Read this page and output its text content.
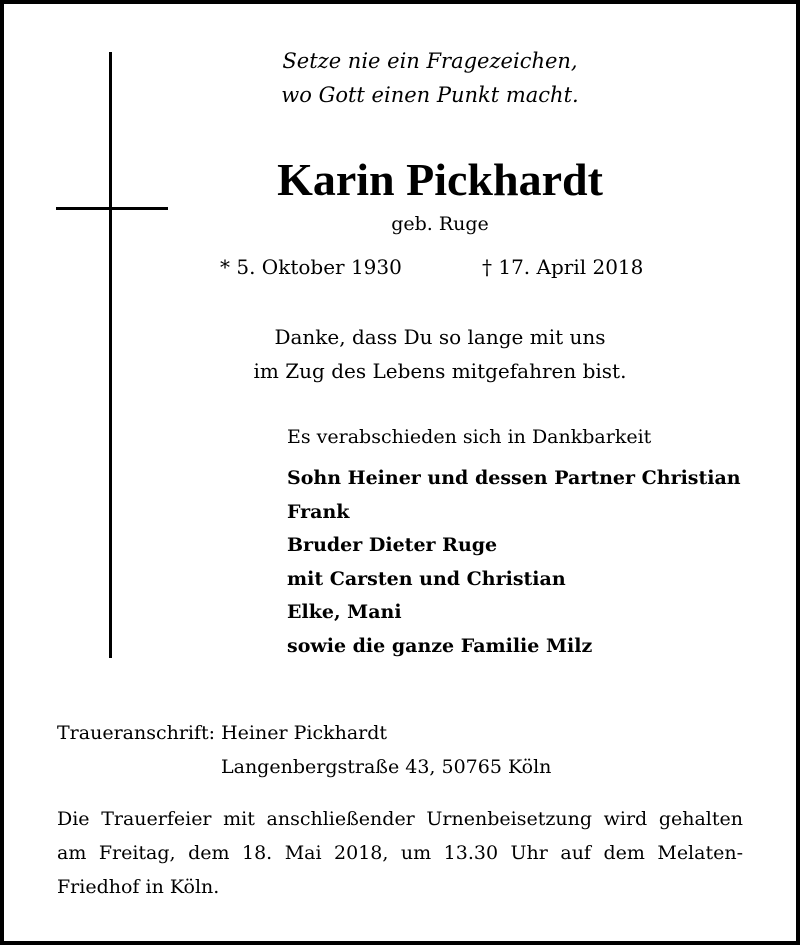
Setze nie ein Fragezeichen,
wo Gott einen Punkt macht.
Karin Pickhardt
geb. Ruge
* 5. Oktober 1930	† 17. April 2018
Danke, dass Du so lange mit uns
im Zug des Lebens mitgefahren bist.
Es verabschieden sich in Dankbarkeit
Sohn Heiner und dessen Partner Christian
Frank
Bruder Dieter Ruge
mit Carsten und Christian
Elke, Mani
sowie die ganze Familie Milz
Traueranschrift: Heiner Pickhardt
Langenbergstraße 43, 50765 Köln
Die Trauerfeier mit anschließender Urnenbeisetzung wird gehalten
am Freitag, dem 18. Mai 2018, um 13.30 Uhr auf dem Melaten-
Friedhof in Köln.
